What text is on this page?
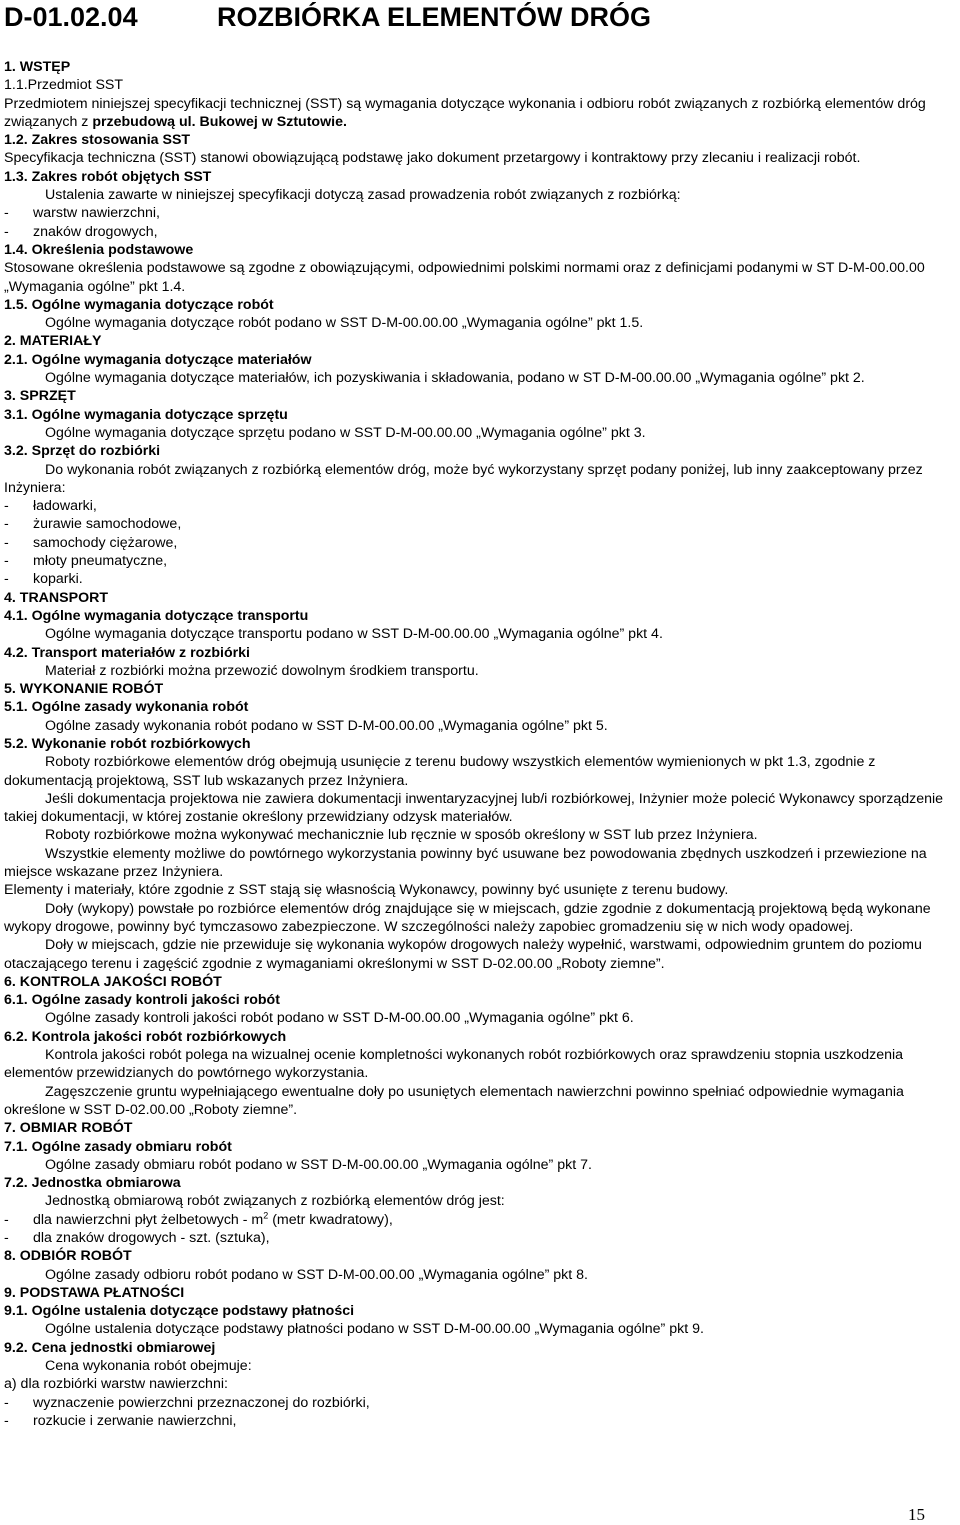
D-01.02.04	ROZBIÓRKA ELEMENTÓW DRÓG

1. WSTĘP

1.1.Przedmiot SST

Przedmiotem niniejszej specyfikacji technicznej (SST) są wymagania dotyczące wykonania i odbioru robót związanych z rozbiórką elementów dróg związanych z przebudową ul. Bukowej w Sztutowie.

1.2. Zakres stosowania SST

Specyfikacja techniczna (SST) stanowi obowiązującą podstawę jako dokument przetargowy i kontraktowy przy zlecaniu i realizacji robót.

1.3. Zakres robót objętych SST

Ustalenia zawarte w niniejszej specyfikacji dotyczą zasad prowadzenia robót związanych z rozbiórką:

- warstw nawierzchni,

- znaków drogowych,

1.4. Określenia podstawowe

Stosowane określenia podstawowe są zgodne z obowiązującymi, odpowiednimi polskimi normami oraz z definicjami podanymi w ST D-M-00.00.00 „Wymagania ogólne” pkt 1.4.

1.5. Ogólne wymagania dotyczące robót

Ogólne wymagania dotyczące robót podano w SST D-M-00.00.00 „Wymagania ogólne” pkt 1.5.

2. MATERIAŁY

2.1. Ogólne wymagania dotyczące materiałów

Ogólne wymagania dotyczące materiałów, ich pozyskiwania i składowania, podano w ST D-M-00.00.00 „Wymagania ogólne” pkt 2.

3. SPRZĘT

3.1. Ogólne wymagania dotyczące sprzętu

Ogólne wymagania dotyczące sprzętu podano w SST D-M-00.00.00 „Wymagania ogólne” pkt 3.

3.2. Sprzęt do rozbiórki

Do wykonania robót związanych z rozbiórką elementów dróg, może być wykorzystany sprzęt podany poniżej, lub inny zaakceptowany przez Inżyniera:

- ładowarki,

- żurawie samochodowe,

- samochody ciężarowe,

- młoty pneumatyczne,

- koparki.

4. TRANSPORT

4.1. Ogólne wymagania dotyczące transportu

Ogólne wymagania dotyczące transportu podano w SST D-M-00.00.00 „Wymagania ogólne” pkt 4.

4.2. Transport materiałów z rozbiórki

Materiał z rozbiórki można przewozić dowolnym środkiem transportu.

5. WYKONANIE ROBÓT

5.1. Ogólne zasady wykonania robót

Ogólne zasady wykonania robót podano w SST D-M-00.00.00 „Wymagania ogólne” pkt 5.

5.2. Wykonanie robót rozbiórkowych

Roboty rozbiórkowe elementów dróg obejmują usunięcie z terenu budowy wszystkich elementów wymienionych w pkt 1.3, zgodnie z dokumentacją projektową, SST lub wskazanych przez Inżyniera.

Jeśli dokumentacja projektowa nie zawiera dokumentacji inwentaryzacyjnej lub/i rozbiórkowej, Inżynier może polecić Wykonawcy sporządzenie takiej dokumentacji, w której zostanie określony przewidziany odzysk materiałów.

Roboty rozbiórkowe można wykonywać mechanicznie lub ręcznie w sposób określony w SST lub przez Inżyniera.

Wszystkie elementy możliwe do powtórnego wykorzystania powinny być usuwane bez powodowania zbędnych uszkodzeń i przewiezione na miejsce wskazane przez Inżyniera.

Elementy i materiały, które zgodnie z SST stają się własnością Wykonawcy, powinny być usunięte z terenu budowy.

Doły (wykopy) powstałe po rozbiórce elementów dróg znajdujące się w miejscach, gdzie zgodnie z dokumentacją projektową będą wykonane wykopy drogowe, powinny być tymczasowo zabezpieczone. W szczególności należy zapobiec gromadzeniu się w nich wody opadowej.

Doły w miejscach, gdzie nie przewiduje się wykonania wykopów drogowych należy wypełnić, warstwami, odpowiednim gruntem do poziomu otaczającego terenu i zagęścić zgodnie z wymaganiami określonymi w SST D-02.00.00 „Roboty ziemne”.

6. KONTROLA JAKOŚCI ROBÓT

6.1. Ogólne zasady kontroli jakości robót

Ogólne zasady kontroli jakości robót podano w SST D-M-00.00.00 „Wymagania ogólne” pkt 6.

6.2. Kontrola jakości robót rozbiórkowych

Kontrola jakości robót polega na wizualnej ocenie kompletności wykonanych robót rozbiórkowych oraz sprawdzeniu stopnia uszkodzenia elementów przewidzianych do powtórnego wykorzystania.

Zagęszczenie gruntu wypełniającego ewentualne doły po usuniętych elementach nawierzchni powinno spełniać odpowiednie wymagania określone w SST D-02.00.00 „Roboty ziemne”.

7. OBMIAR ROBÓT

7.1. Ogólne zasady obmiaru robót

Ogólne zasady obmiaru robót podano w SST D-M-00.00.00 „Wymagania ogólne” pkt 7.

7.2. Jednostka obmiarowa

Jednostką obmiarową robót związanych z rozbiórką elementów dróg jest:

- dla nawierzchni płyt żelbetowych - $m^2$ (metr kwadratowy),

- dla znaków drogowych - szt. (sztuka),

8. ODBIÓR ROBÓT

Ogólne zasady odbioru robót podano w SST D-M-00.00.00 „Wymagania ogólne” pkt 8.

9. PODSTAWA PŁATNOŚCI

9.1. Ogólne ustalenia dotyczące podstawy płatności

Ogólne ustalenia dotyczące podstawy płatności podano w SST D-M-00.00.00 „Wymagania ogólne” pkt 9.

9.2. Cena jednostki obmiarowej

Cena wykonania robót obejmuje:

a) dla rozbiórki warstw nawierzchni:

- wyznaczenie powierzchni przeznaczonej do rozbiórki,

- rozkucie i zerwanie nawierzchni,

15
